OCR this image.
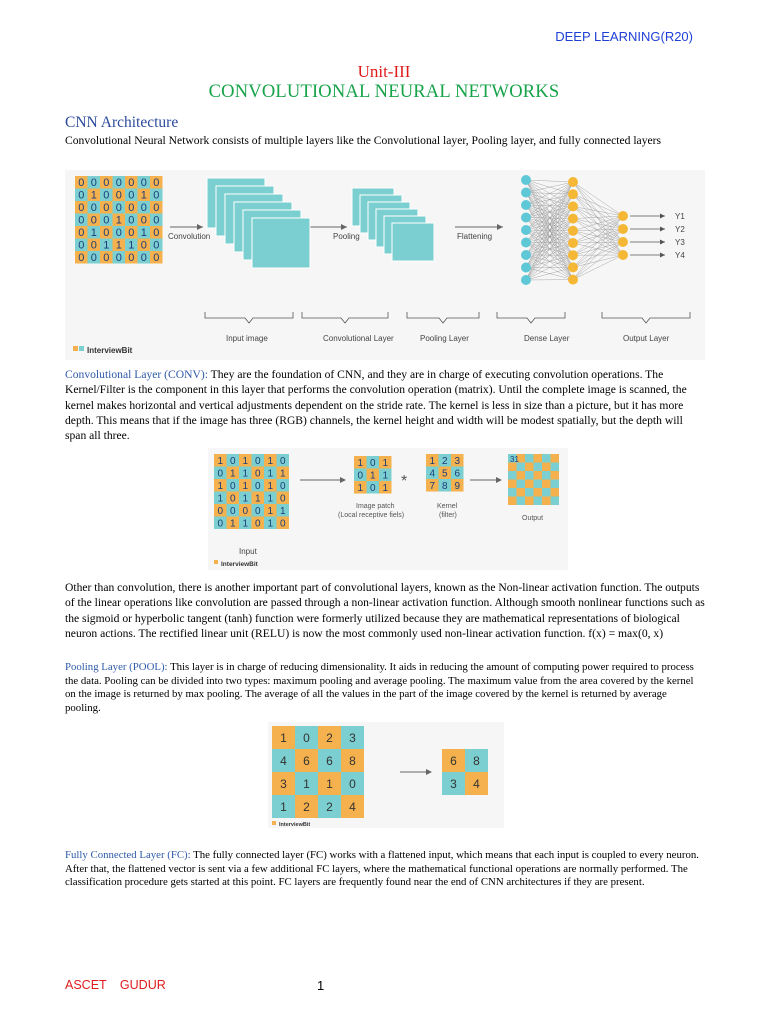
DEEP LEARNING(R20)
Unit-III
CONVOLUTIONAL NEURAL NETWORKS
CNN Architecture
Convolutional Neural Network consists of multiple layers like the Convolutional layer, Pooling layer, and fully connected layers
0 0 0 0 0 0 0
0 1 0 0 0 1 0
0 0 0 0 0 0 0
0 0 0 1 0 0 0
0 1 0 0 0 1 0
0 0 1 1 1 0 0
0 0 0 0 0 0 0
Convolution	Pooling	Flattening
Y1
Y2
Y3
Y4
Input image	Convolutional Layer	Pooling Layer	Dense Layer	Output Layer
InterviewBit
Convolutional Layer (CONV): They are the foundation of CNN, and they are in charge of executing convolution operations. The Kernel/Filter is the component in this layer that performs the convolution operation (matrix). Until the complete image is scanned, the kernel makes horizontal and vertical adjustments dependent on the stride rate. The kernel is less in size than a picture, but it has more depth. This means that if the image has three (RGB) channels, the kernel height and width will be modest spatially, but the depth will span all three.
1 0 1 0 1 0
0 1 1 0 1 1
1 0 1 0 1 0
1 0 1 1 1 0
0 0 0 0 1 1
0 1 1 0 1 0
Input
1 0 1
0 1 1
1 0 1
Image patch
(Local receptive fiels)
*
1 2 3
4 5 6
7 8 9
Kernel
(filter)
31
Output
InterviewBit
Other than convolution, there is another important part of convolutional layers, known as the Non-linear activation function. The outputs of the linear operations like convolution are passed through a non-linear activation function. Although smooth nonlinear functions such as the sigmoid or hyperbolic tangent (tanh) function were formerly utilized because they are mathematical representations of biological neuron actions. The rectified linear unit (RELU) is now the most commonly used non-linear activation function. f(x) = max(0, x)
Pooling Layer (POOL): This layer is in charge of reducing dimensionality. It aids in reducing the amount of computing power required to process the data. Pooling can be divided into two types: maximum pooling and average pooling. The maximum value from the area covered by the kernel on the image is returned by max pooling. The average of all the values in the part of the image covered by the kernel is returned by average pooling.
1 0 2 3
4 6 6 8
3 1 1 0
1 2 2 4
6 8
3 4
InterviewBit
Fully Connected Layer (FC): The fully connected layer (FC) works with a flattened input, which means that each input is coupled to every neuron. After that, the flattened vector is sent via a few additional FC layers, where the mathematical functional operations are normally performed. The classification procedure gets started at this point. FC layers are frequently found near the end of CNN architectures if they are present.
ASCET GUDUR	1
